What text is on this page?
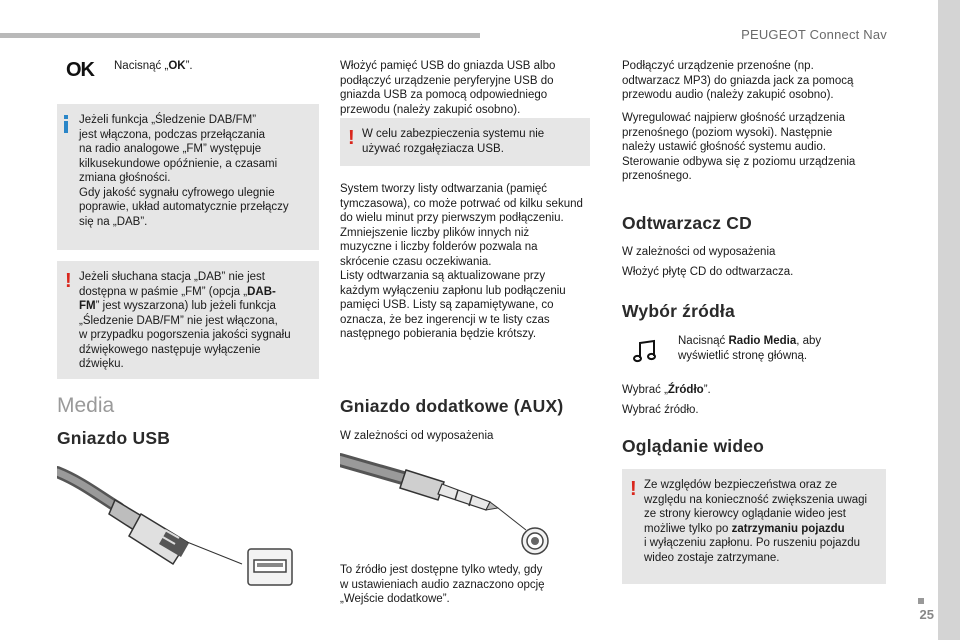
PEUGEOT Connect Nav
25
OK Nacisnąć „OK”.

Jeżeli funkcja „Śledzenie DAB/FM”

jest włączona, podczas przełączania

na radio analogowe „FM” występuje

kilkusekundowe opóźnienie, a czasami

zmiana głośności.

Gdy jakość sygnału cyfrowego ulegnie

poprawie, układ automatycznie przełączy

się na „DAB”.

! Jeżeli słuchana stacja „DAB” nie jest

dostępna w paśmie „FM” (opcja „DAB-

FM” jest wyszarzona) lub jeżeli funkcja

„Śledzenie DAB/FM” nie jest włączona,

w przypadku pogorszenia jakości sygnału

dźwiękowego następuje wyłączenie

dźwięku.

Media
Gniazdo USB

Włożyć pamięć USB do gniazda USB albo

podłączyć urządzenie peryferyjne USB do

gniazda USB za pomocą odpowiedniego

przewodu (należy zakupić osobno).

! W celu zabezpieczenia systemu nie

używać rozgałęziacza USB.

System tworzy listy odtwarzania (pamięć

tymczasowa), co może potrwać od kilku sekund

do wielu minut przy pierwszym podłączeniu.

Zmniejszenie liczby plików innych niż

muzyczne i liczby folderów pozwala na

skrócenie czasu oczekiwania.

Listy odtwarzania są aktualizowane przy

każdym wyłączeniu zapłonu lub podłączeniu

pamięci USB. Listy są zapamiętywane, co

oznacza, że bez ingerencji w te listy czas

następnego pobierania będzie krótszy.

Gniazdo dodatkowe (AUX)

W zależności od wyposażenia

To źródło jest dostępne tylko wtedy, gdy

w ustawieniach audio zaznaczono opcję

„Wejście dodatkowe”.

Podłączyć urządzenie przenośne (np.

odtwarzacz MP3) do gniazda jack za pomocą

przewodu audio (należy zakupić osobno).

Wyregulować najpierw głośność urządzenia

przenośnego (poziom wysoki). Następnie

należy ustawić głośność systemu audio.

Sterowanie odbywa się z poziomu urządzenia

przenośnego.

Odtwarzacz CD

W zależności od wyposażenia

Włożyć płytę CD do odtwarzacza.

Wybór źródła

Nacisnąć Radio Media, aby

wyświetlić stronę główną.

Wybrać „Źródło”.

Wybrać źródło.

Oglądanie wideo
! Ze względów bezpieczeństwa oraz ze

względu na konieczność zwiększenia uwagi

ze strony kierowcy oglądanie wideo jest

możliwe tylko po zatrzymaniu pojazdu

i wyłączeniu zapłonu. Po ruszeniu pojazdu

wideo zostaje zatrzymane.
